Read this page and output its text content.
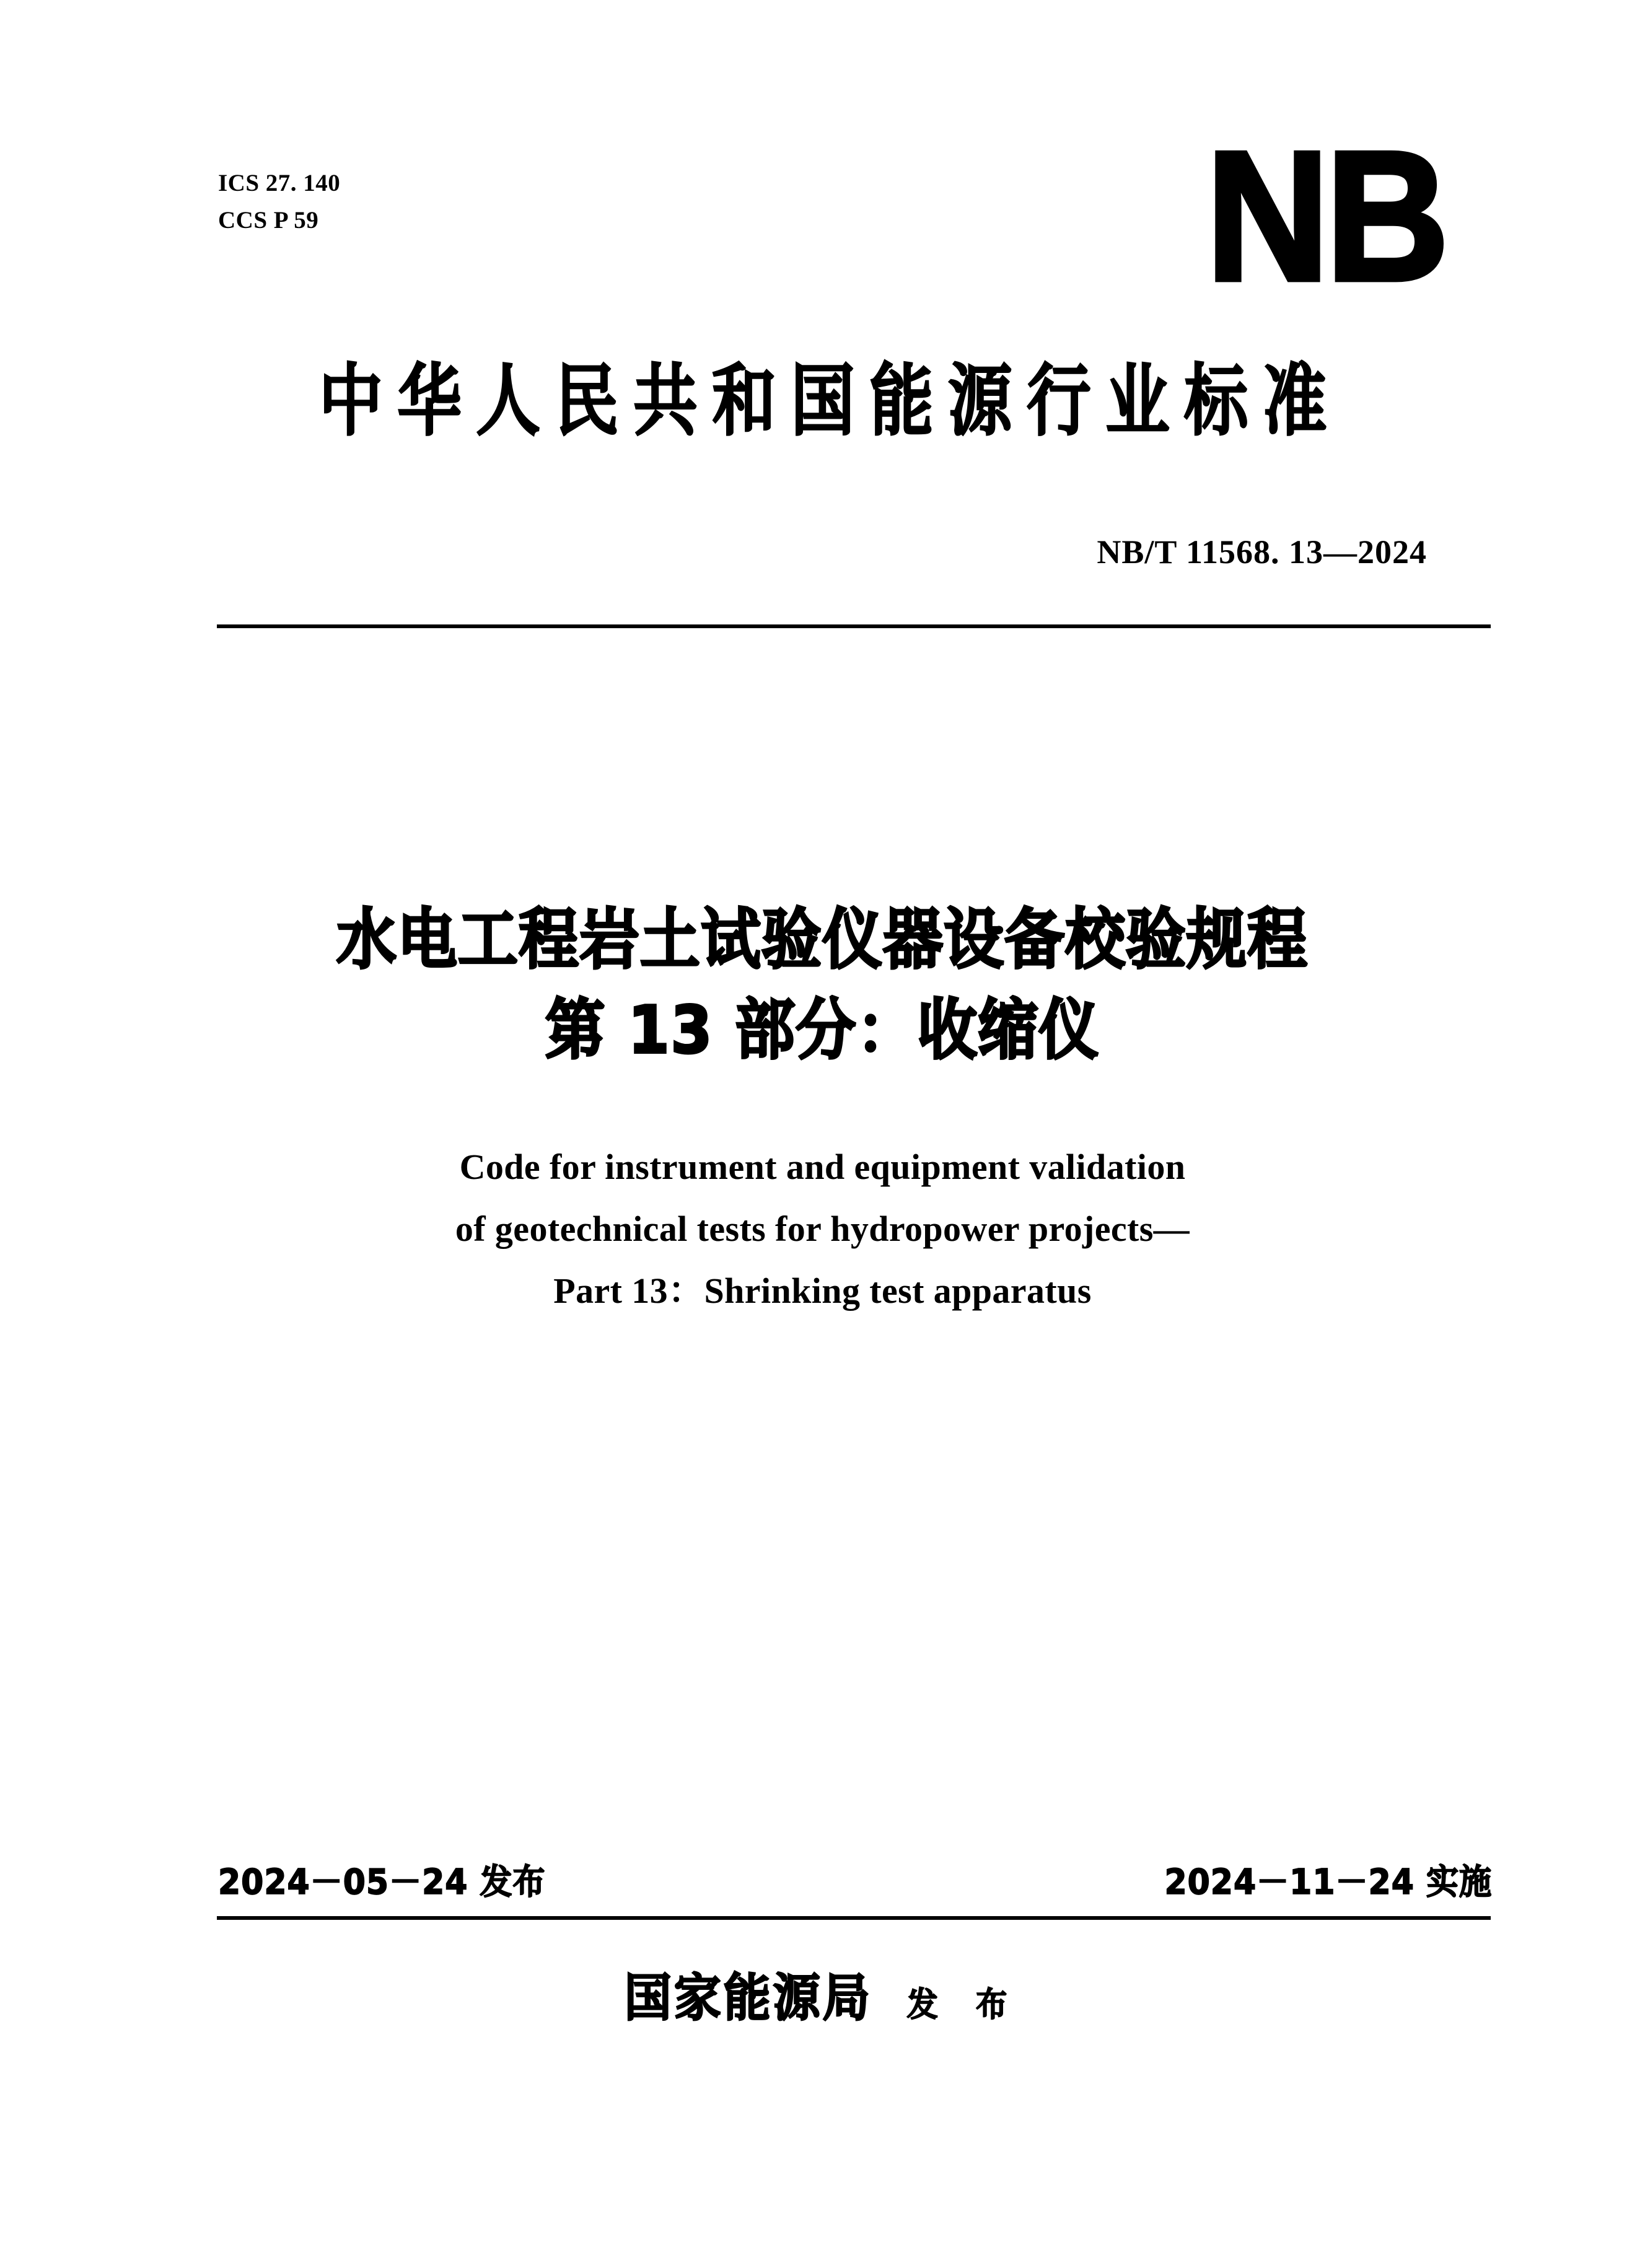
ICS 27. 140
CCS P 59	NB
中华人民共和国能源行业标准
NB/T 11568. 13—2024
水电工程岩土试验仪器设备校验规程
第 13 部分：收缩仪
Code for instrument and equipment validation
of geotechnical tests for hydropower projects—
Part 13：Shrinking test apparatus
2024－05－24 发布	2024－11－24 实施
国家能源局 发 布
